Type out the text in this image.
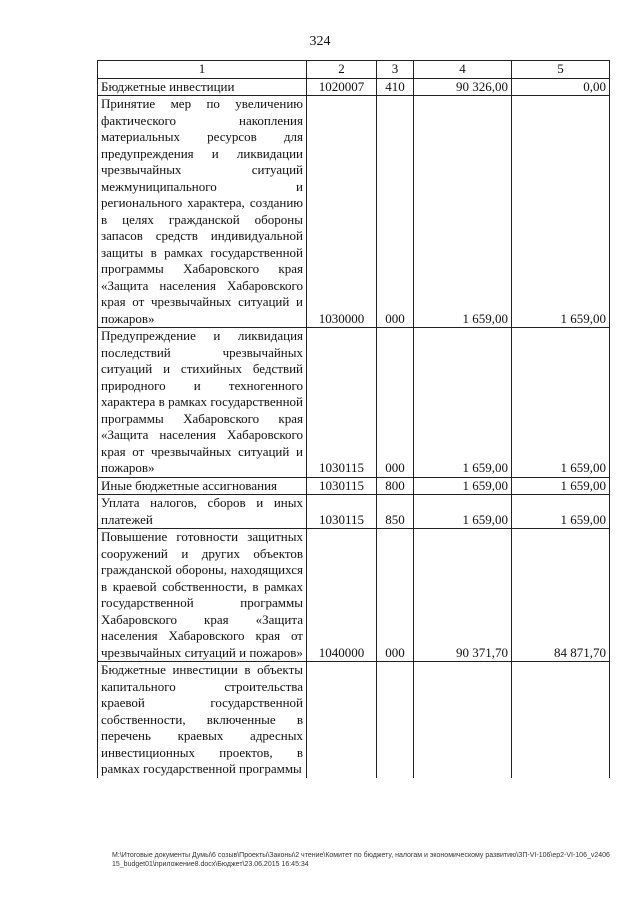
324
1	2	3	4	5
Бюджетные инвестиции	1020007	410	90 326,00	0,00
Принятие мер по увеличению фактического накопления материальных ресурсов для предупреждения и ликвидации чрезвычайных ситуаций межмуниципального и регионального характера, созданию в целях гражданской обороны запасов средств индивидуальной защиты в рамках государственной программы Хабаровского края «Защита населения Хабаровского края от чрезвычайных ситуаций и пожаров»	1030000	000	1 659,00	1 659,00
Предупреждение и ликвидация последствий чрезвычайных ситуаций и стихийных бедствий природного и техногенного характера в рамках государственной программы Хабаровского края «Защита населения Хабаровского края от чрезвычайных ситуаций и пожаров»	1030115	000	1 659,00	1 659,00
Иные бюджетные ассигнования	1030115	800	1 659,00	1 659,00
Уплата налогов, сборов и иных платежей	1030115	850	1 659,00	1 659,00
Повышение готовности защитных сооружений и других объектов гражданской обороны, находящихся в краевой собственности, в рамках государственной программы Хабаровского края «Защита населения Хабаровского края от чрезвычайных ситуаций и пожаров»	1040000	000	90 371,70	84 871,70
Бюджетные инвестиции в объекты капитального строительства краевой государственной собственности, включенные в перечень краевых адресных инвестиционных проектов, в рамках государственной программы				
M:\Итоговые документы Думы\6 созыв\Проекты\Законы\2 чтение\Комитет по бюджету, налогам и экономическому развитию\ЗП-VI-106\ер2-VI-106_v240615_budget01\приложение8.docx\Бюджет\23.06.2015 16:45:34
